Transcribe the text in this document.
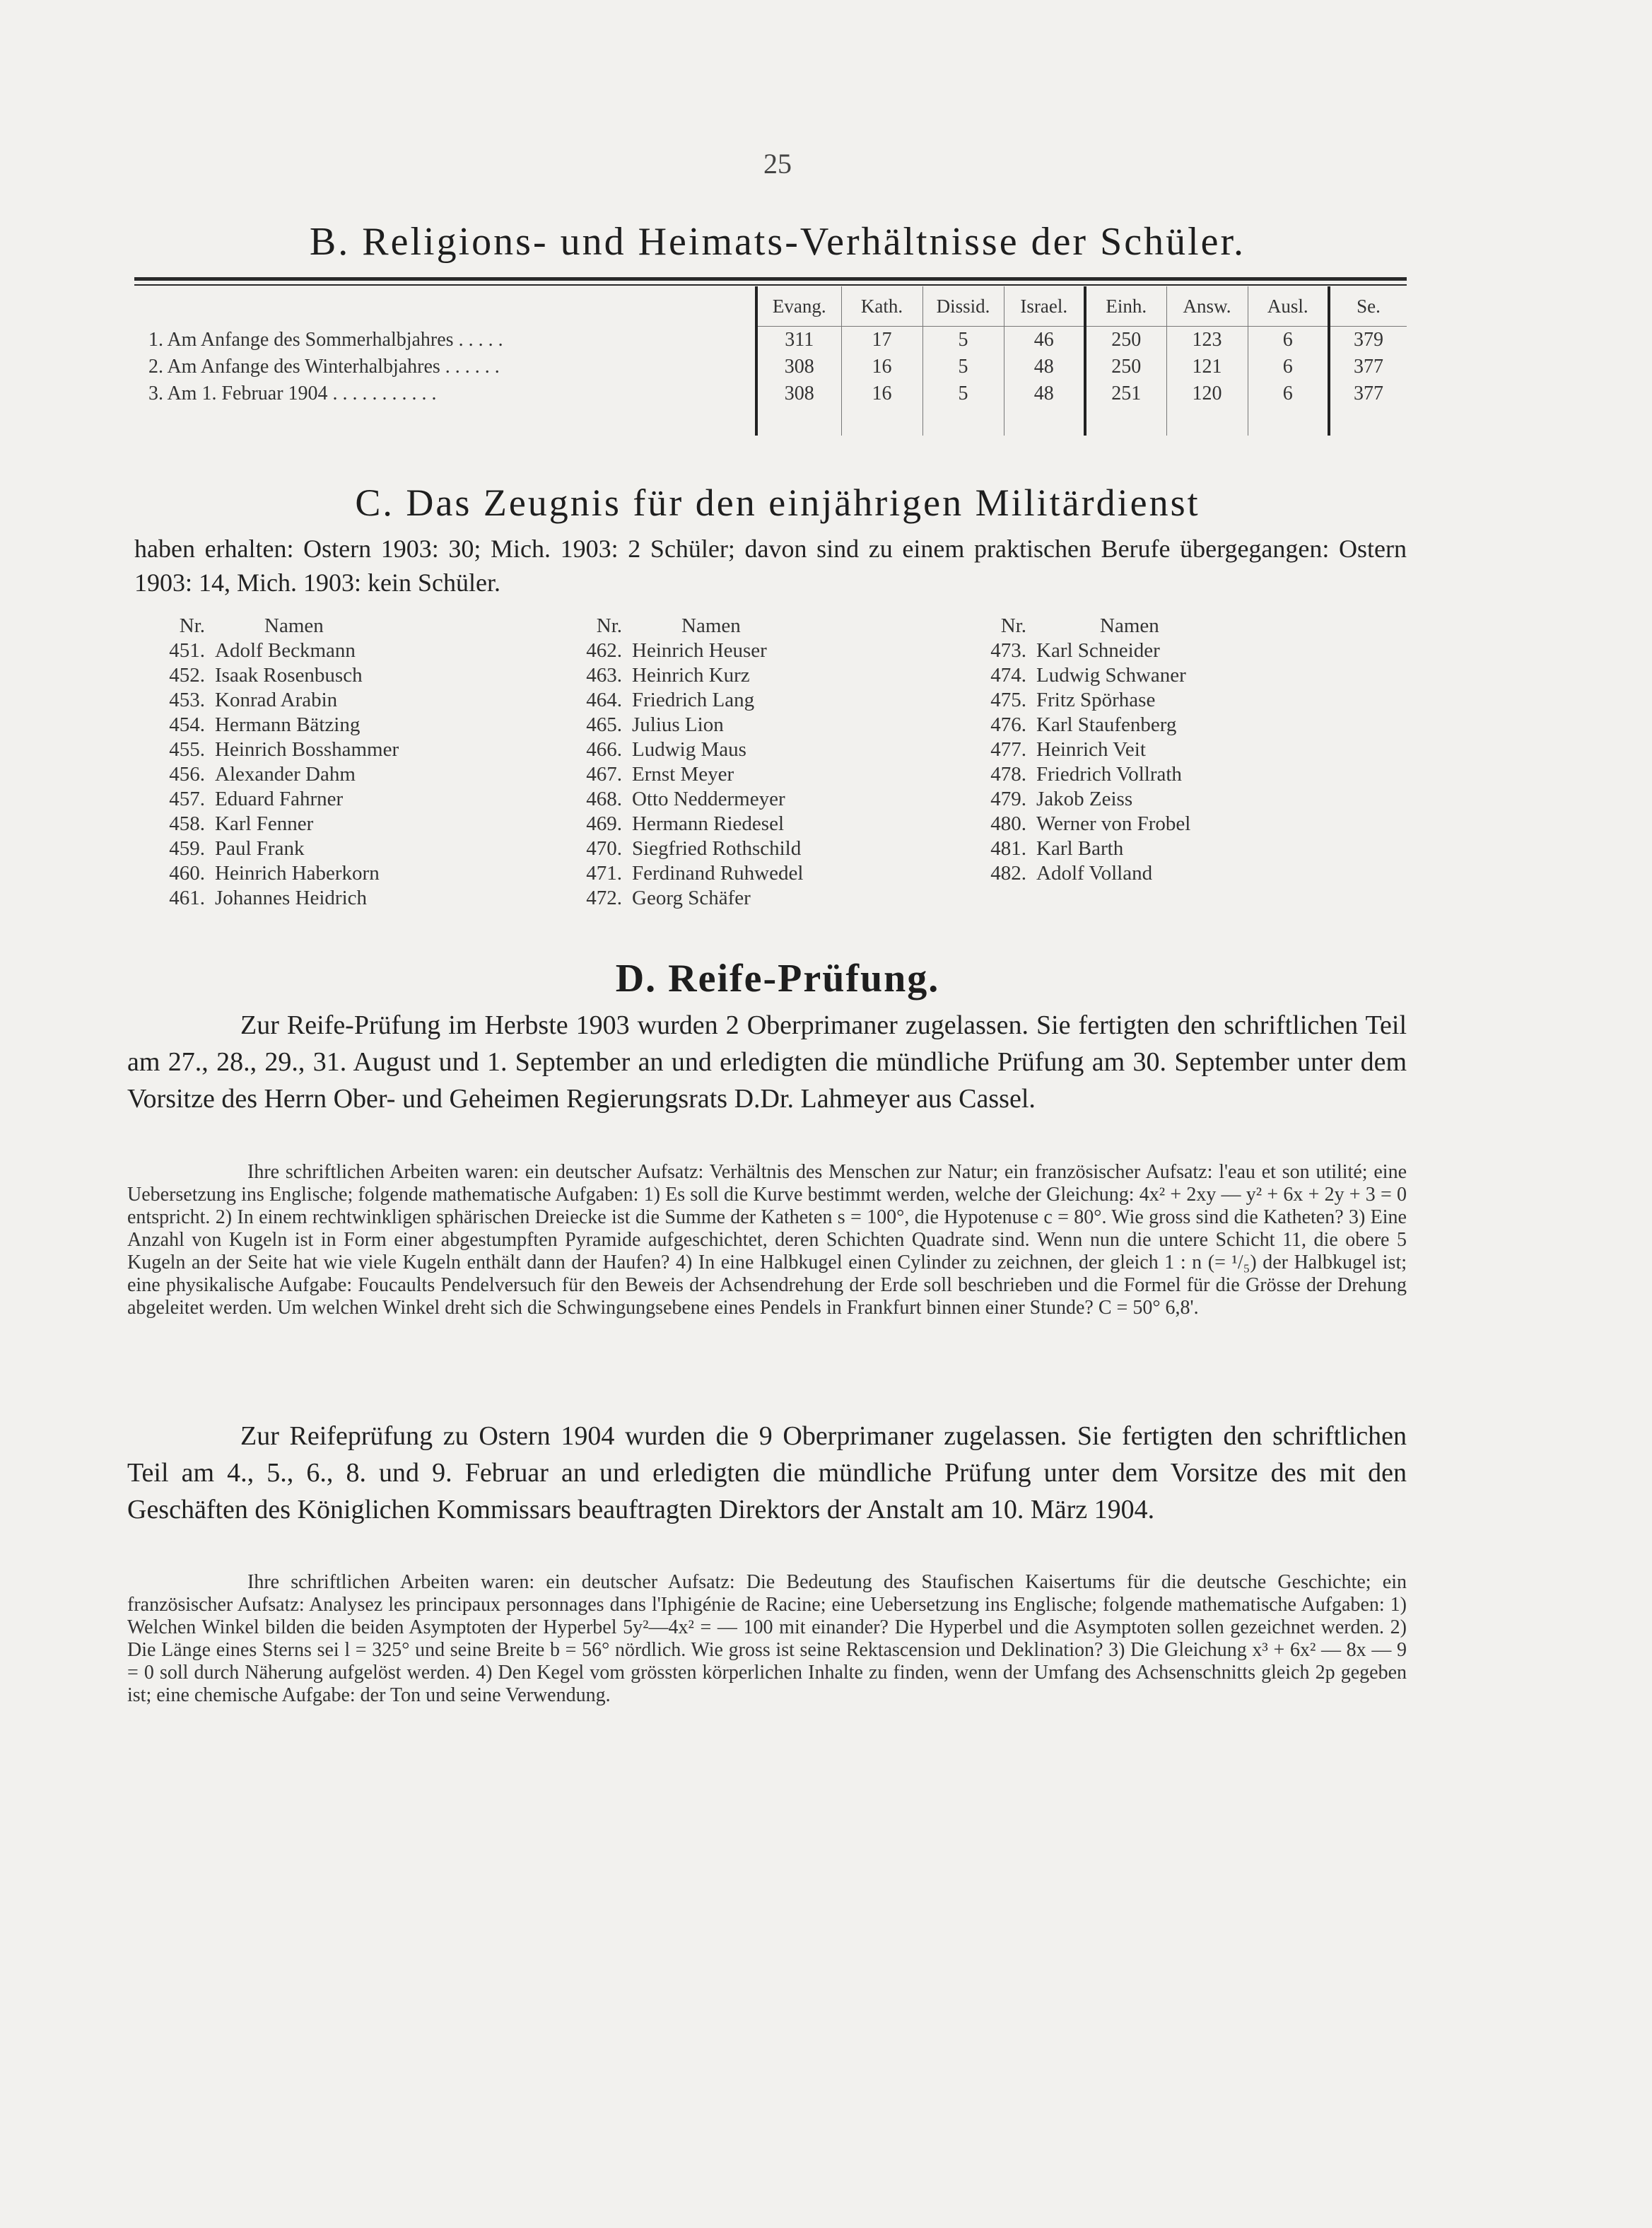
25
B. Religions- und Heimats-Verhältnisse der Schüler.
	Evang.	Kath.	Dissid.	Israel.	Einh.	Answ.	Ausl.	Se.
1. Am Anfange des Sommerhalbjahres . . . . .	311	17	5	46	250	123	6	379
2. Am Anfange des Winterhalbjahres . . . . . .	308	16	5	48	250	121	6	377
3. Am 1. Februar 1904 . . . . . . . . . . .	308	16	5	48	251	120	6	377

C. Das Zeugnis für den einjährigen Militärdienst
haben erhalten: Ostern 1903: 30; Mich. 1903: 2 Schüler; davon sind zu einem praktischen Berufe übergegangen: Ostern 1903: 14, Mich. 1903: kein Schüler.
Nr.	Namen
451. Adolf Beckmann
452. Isaak Rosenbusch
453. Konrad Arabin
454. Hermann Bätzing
455. Heinrich Bosshammer
456. Alexander Dahm
457. Eduard Fahrner
458. Karl Fenner
459. Paul Frank
460. Heinrich Haberkorn
461. Johannes Heidrich
Nr.	Namen
462. Heinrich Heuser
463. Heinrich Kurz
464. Friedrich Lang
465. Julius Lion
466. Ludwig Maus
467. Ernst Meyer
468. Otto Neddermeyer
469. Hermann Riedesel
470. Siegfried Rothschild
471. Ferdinand Ruhwedel
472. Georg Schäfer
Nr.	Namen
473. Karl Schneider
474. Ludwig Schwaner
475. Fritz Spörhase
476. Karl Staufenberg
477. Heinrich Veit
478. Friedrich Vollrath
479. Jakob Zeiss
480. Werner von Frobel
481. Karl Barth
482. Adolf Volland
D. Reife-Prüfung.
Zur Reife-Prüfung im Herbste 1903 wurden 2 Oberprimaner zugelassen. Sie fertigten den schriftlichen Teil am 27., 28., 29., 31. August und 1. September an und erledigten die mündliche Prüfung am 30. September unter dem Vorsitze des Herrn Ober- und Geheimen Regierungsrats D.Dr. Lahmeyer aus Cassel.
Ihre schriftlichen Arbeiten waren: ein deutscher Aufsatz: Verhältnis des Menschen zur Natur; ein französischer Aufsatz: l'eau et son utilité; eine Uebersetzung ins Englische; folgende mathematische Aufgaben: 1) Es soll die Kurve bestimmt werden, welche der Gleichung: 4x² + 2xy — y² + 6x + 2y + 3 = 0 entspricht. 2) In einem rechtwinkligen sphärischen Dreiecke ist die Summe der Katheten s = 100°, die Hypotenuse c = 80°. Wie gross sind die Katheten? 3) Eine Anzahl von Kugeln ist in Form einer abgestumpften Pyramide aufgeschichtet, deren Schichten Quadrate sind. Wenn nun die untere Schicht 11, die obere 5 Kugeln an der Seite hat wie viele Kugeln enthält dann der Haufen? 4) In eine Halbkugel einen Cylinder zu zeichnen, der gleich 1 : n (= ¹/₅) der Halbkugel ist; eine physikalische Aufgabe: Foucaults Pendelversuch für den Beweis der Achsendrehung der Erde soll beschrieben und die Formel für die Grösse der Drehung abgeleitet werden. Um welchen Winkel dreht sich die Schwingungsebene eines Pendels in Frankfurt binnen einer Stunde? C = 50° 6,8'.
Zur Reifeprüfung zu Ostern 1904 wurden die 9 Oberprimaner zugelassen. Sie fertigten den schriftlichen Teil am 4., 5., 6., 8. und 9. Februar an und erledigten die mündliche Prüfung unter dem Vorsitze des mit den Geschäften des Königlichen Kommissars beauftragten Direktors der Anstalt am 10. März 1904.
Ihre schriftlichen Arbeiten waren: ein deutscher Aufsatz: Die Bedeutung des Staufischen Kaisertums für die deutsche Geschichte; ein französischer Aufsatz: Analysez les principaux personnages dans l'Iphigénie de Racine; eine Uebersetzung ins Englische; folgende mathematische Aufgaben: 1) Welchen Winkel bilden die beiden Asymptoten der Hyperbel 5y²—4x² = — 100 mit einander? Die Hyperbel und die Asymptoten sollen gezeichnet werden. 2) Die Länge eines Sterns sei l = 325° und seine Breite b = 56° nördlich. Wie gross ist seine Rektascension und Deklination? 3) Die Gleichung x³ + 6x² — 8x — 9 = 0 soll durch Näherung aufgelöst werden. 4) Den Kegel vom grössten körperlichen Inhalte zu finden, wenn der Umfang des Achsenschnitts gleich 2p gegeben ist; eine chemische Aufgabe: der Ton und seine Verwendung.
